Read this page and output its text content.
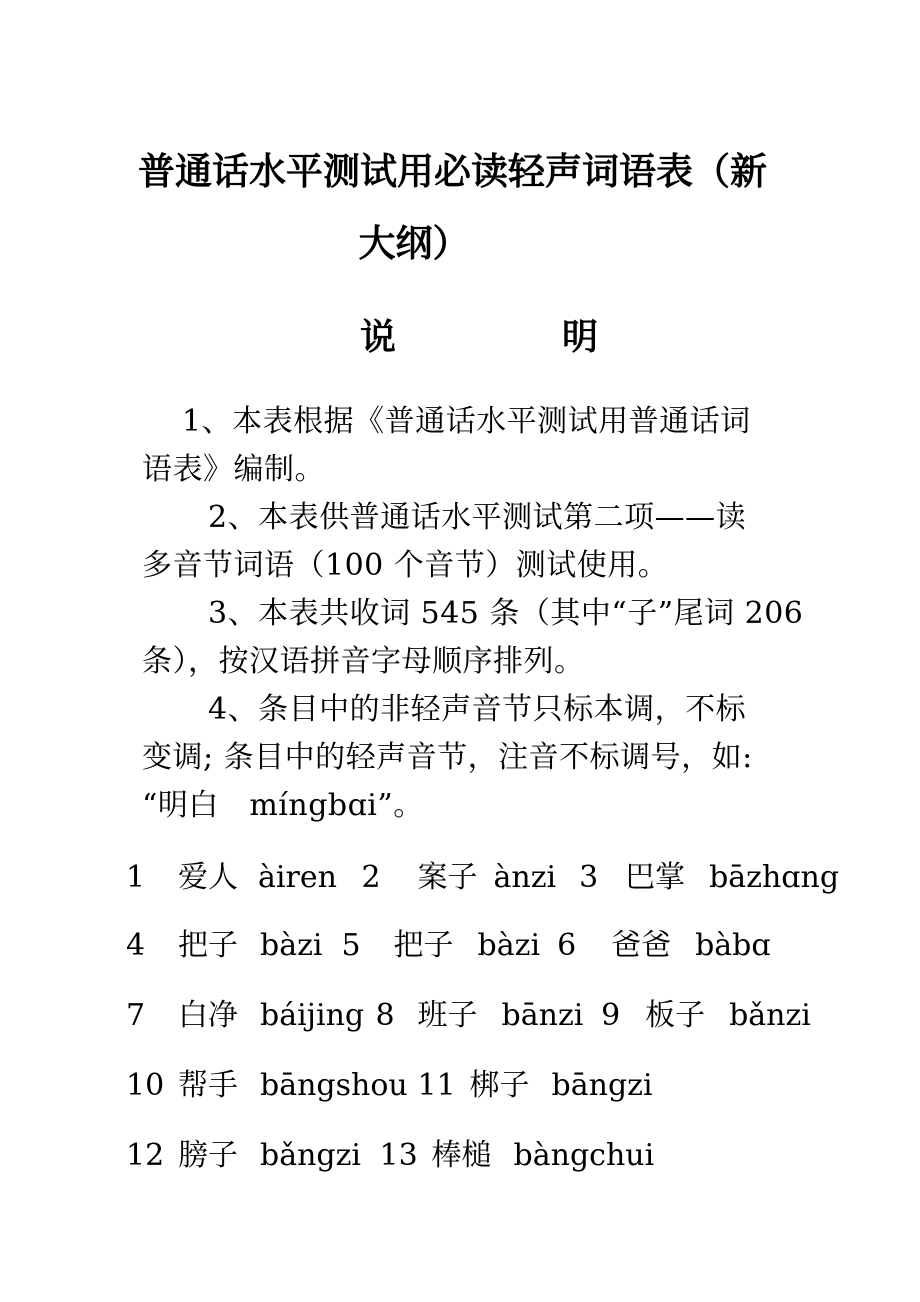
普通话水平测试用必读轻声词语表（新
大纲）
说	明
1、本表根据《普通话水平测试用普通话词
语表》编制。
2、本表供普通话水平测试第二项——读
多音节词语（100 个音节）测试使用。
3、本表共收词 545 条（其中“子”尾词 206
条），按汉语拼音字母顺序排列。
4、条目中的非轻声音节只标本调，不标
变调; 条目中的轻声音节，注音不标调号，如:
“明白　míngbɑi”。
1 爱人 àiren 2 案子 ànzi 3 巴掌 bāzhɑng
4 把子 bàzi 5 把子 bàzi 6 爸爸 bàbɑ
7 白净 báijing 8 班子 bānzi 9 板子 bǎnzi
10 帮手 bāngshou 11 梆子 bāngzi
12 膀子 bǎngzi 13 棒槌 bàngchui
